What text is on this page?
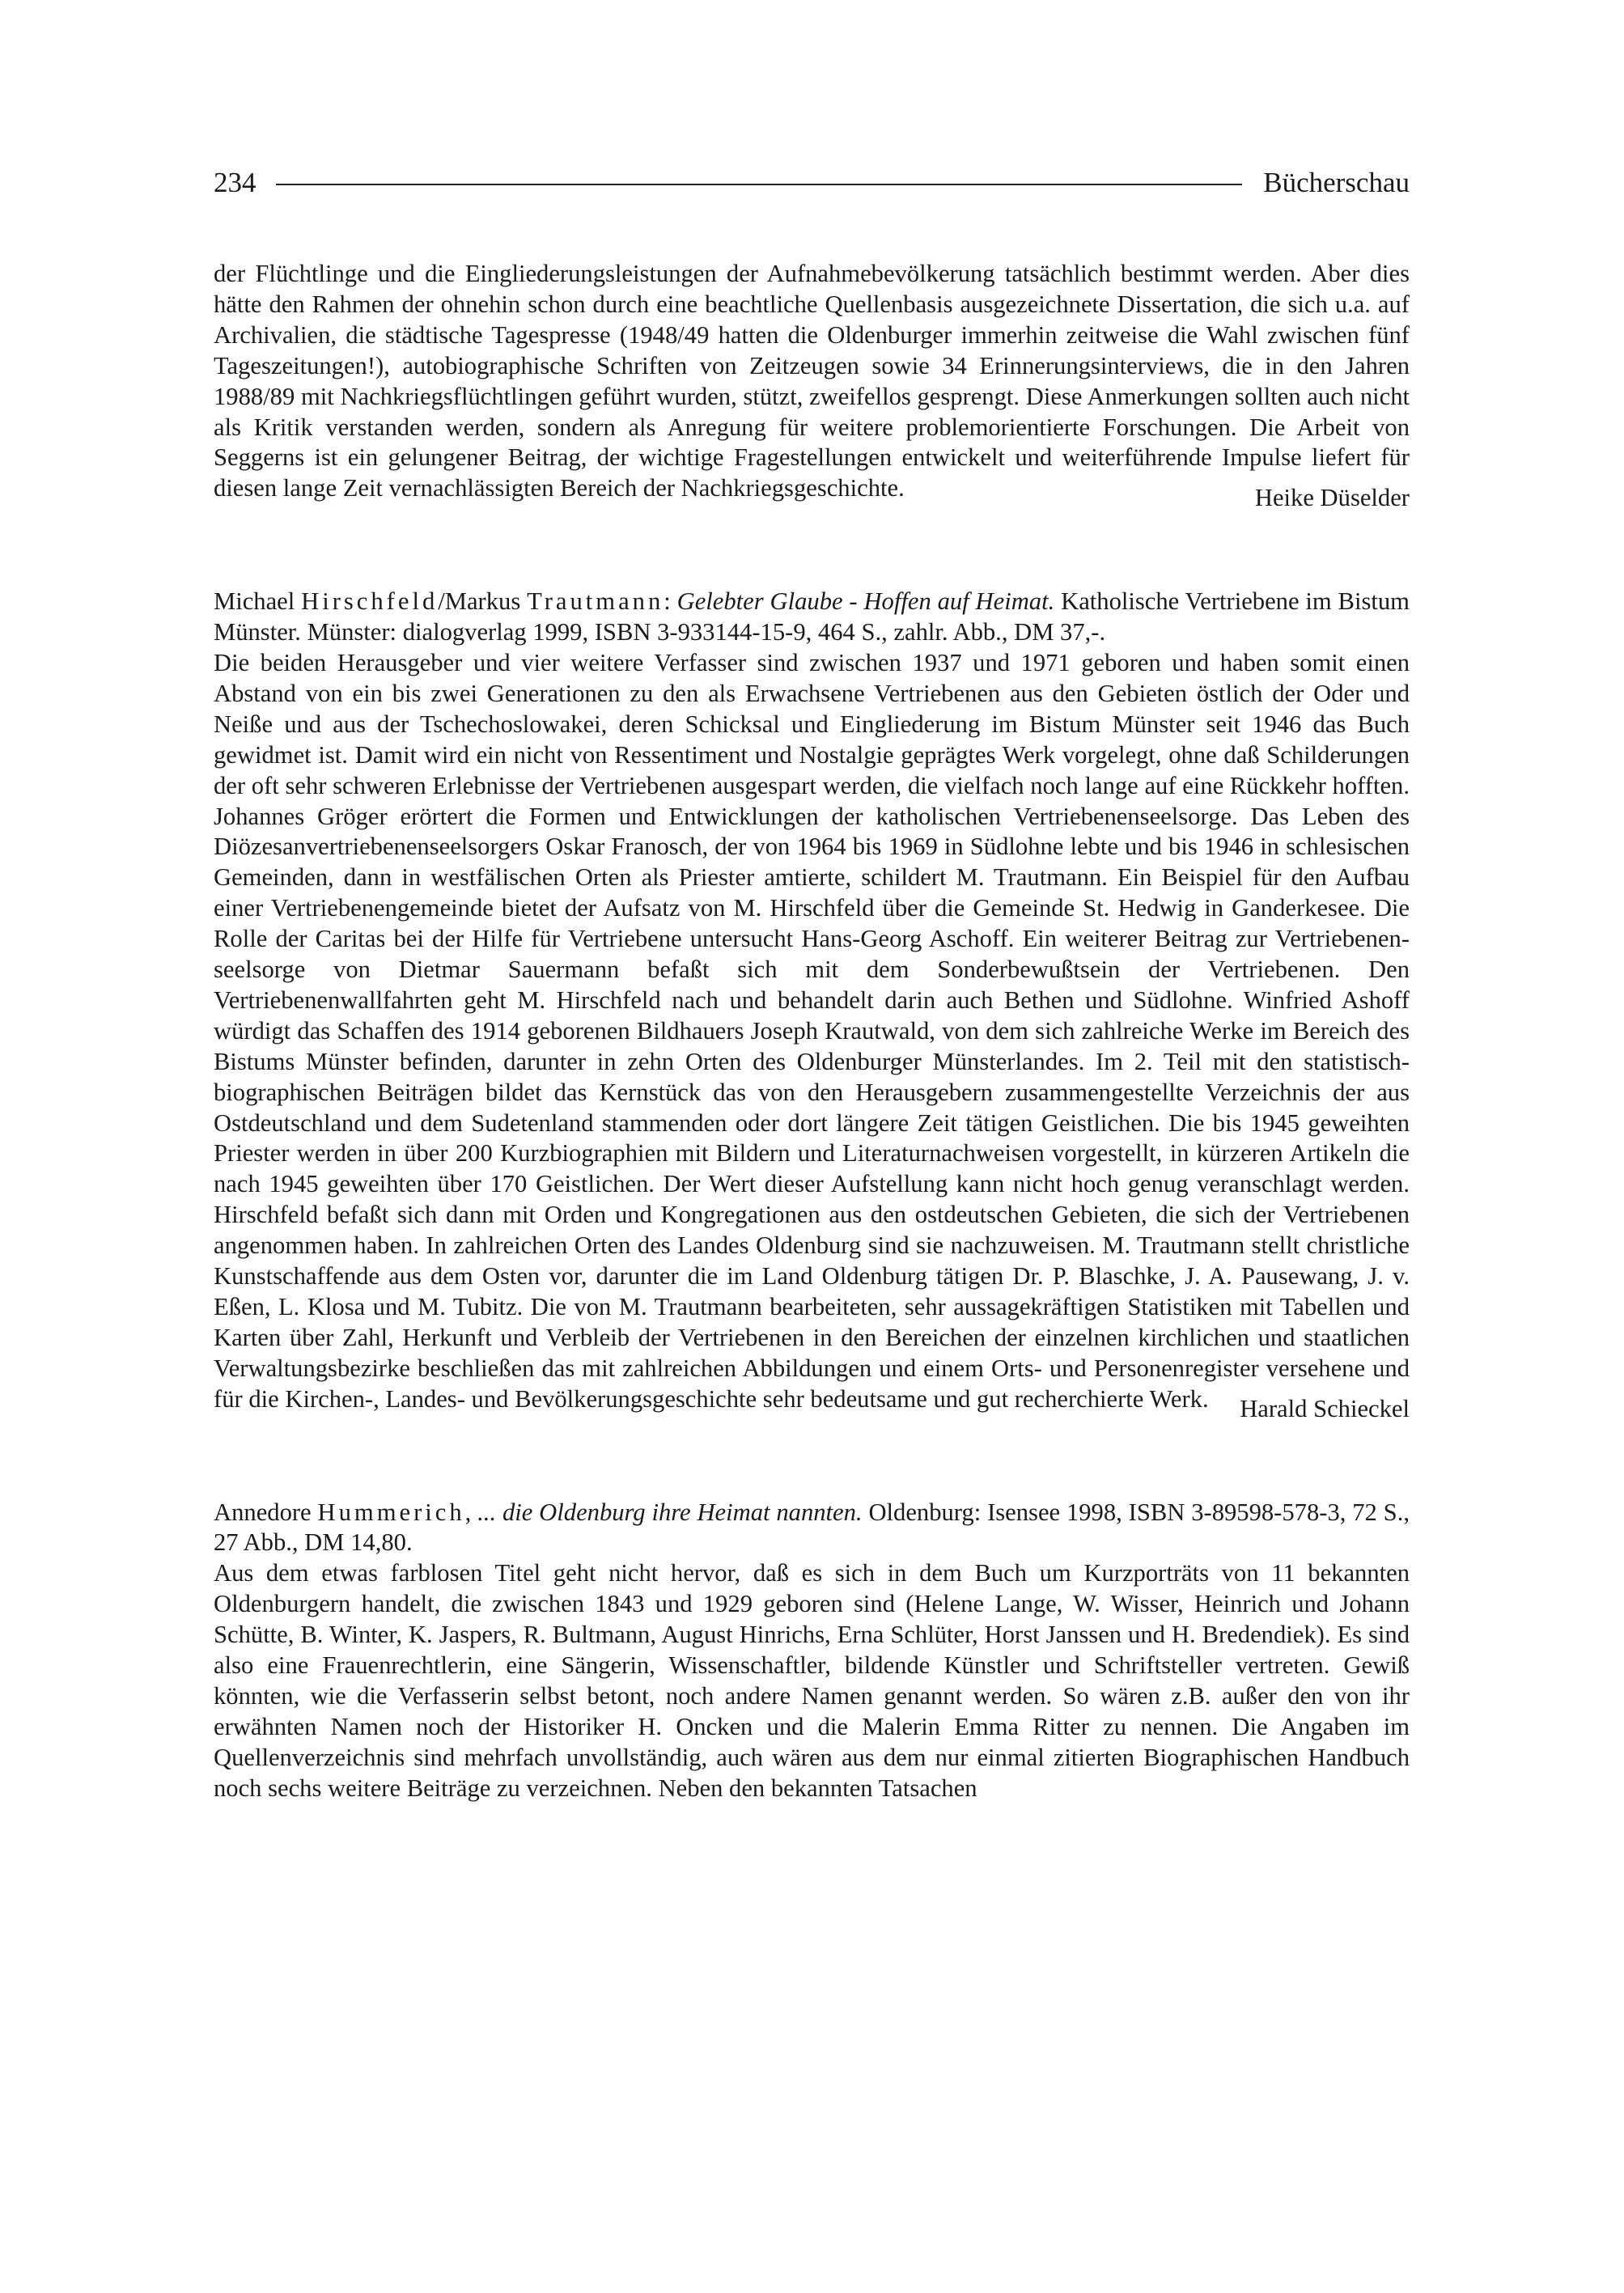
234	Bücherschau

der Flüchtlinge und die Eingliederungsleistungen der Aufnahmebevölkerung tatsächlich bestimmt werden. Aber dies hätte den Rahmen der ohnehin schon durch eine beachtliche Quellenbasis ausgezeichnete Dissertation, die sich u.a. auf Archivalien, die städtische Tagespresse (1948/49 hatten die Oldenburger immerhin zeitweise die Wahl zwischen fünf Tageszeitungen!), autobiographische Schriften von Zeitzeugen sowie 34 Erinnerungsinterviews, die in den Jahren 1988/89 mit Nachkriegsflüchtlingen geführt wurden, stützt, zweifellos gesprengt. Diese Anmerkungen sollten auch nicht als Kritik verstanden werden, sondern als Anregung für weitere problemorientierte Forschungen. Die Arbeit von Seggerns ist ein gelungener Beitrag, der wichtige Fragestellungen entwickelt und weiterführende Impulse liefert für diesen lange Zeit vernachlässigten Bereich der Nachkriegsgeschichte.	Heike Düselder

Michael Hirschfeld/Markus Trautmann: Gelebter Glaube - Hoffen auf Heimat. Katholische Vertriebene im Bistum Münster. Münster: dialogverlag 1999, ISBN 3-933144-15-9, 464 S., zahlr. Abb., DM 37,-.

Die beiden Herausgeber und vier weitere Verfasser sind zwischen 1937 und 1971 geboren und haben somit einen Abstand von ein bis zwei Generationen zu den als Erwachsene Vertriebenen aus den Gebieten östlich der Oder und Neiße und aus der Tschechoslowakei, deren Schicksal und Eingliederung im Bistum Münster seit 1946 das Buch gewidmet ist. Damit wird ein nicht von Ressentiment und Nostalgie geprägtes Werk vorgelegt, ohne daß Schilderungen der oft sehr schweren Erlebnisse der Vertriebenen ausgespart werden, die vielfach noch lange auf eine Rückkehr hofften. Johannes Gröger erörtert die Formen und Entwicklungen der katholischen Vertriebenenseelsorge. Das Leben des Diözesanvertriebenenseelsorgers Oskar Franosch, der von 1964 bis 1969 in Südlohne lebte und bis 1946 in schlesischen Gemeinden, dann in westfälischen Orten als Priester amtierte, schildert M. Trautmann. Ein Beispiel für den Aufbau einer Vertriebenengemeinde bietet der Aufsatz von M. Hirschfeld über die Gemeinde St. Hedwig in Ganderkesee. Die Rolle der Caritas bei der Hilfe für Vertriebene untersucht Hans-Georg Aschoff. Ein weiterer Beitrag zur Vertriebenenseelsorge von Dietmar Sauermann befaßt sich mit dem Sonderbewußtsein der Vertriebenen. Den Vertriebenenwallfahrten geht M. Hirschfeld nach und behandelt darin auch Bethen und Südlohne. Winfried Ashoff würdigt das Schaffen des 1914 geborenen Bildhauers Joseph Krautwald, von dem sich zahlreiche Werke im Bereich des Bistums Münster befinden, darunter in zehn Orten des Oldenburger Münsterlandes. Im 2. Teil mit den statistisch-biographischen Beiträgen bildet das Kernstück das von den Herausgebern zusammengestellte Verzeichnis der aus Ostdeutschland und dem Sudetenland stammenden oder dort längere Zeit tätigen Geistlichen. Die bis 1945 geweihten Priester werden in über 200 Kurzbiographien mit Bildern und Literaturnachweisen vorgestellt, in kürzeren Artikeln die nach 1945 geweihten über 170 Geistlichen. Der Wert dieser Aufstellung kann nicht hoch genug veranschlagt werden. Hirschfeld befaßt sich dann mit Orden und Kongregationen aus den ostdeutschen Gebieten, die sich der Vertriebenen angenommen haben. In zahlreichen Orten des Landes Oldenburg sind sie nachzuweisen. M. Trautmann stellt christliche Kunstschaffende aus dem Osten vor, darunter die im Land Oldenburg tätigen Dr. P. Blaschke, J. A. Pausewang, J. v. Eßen, L. Klosa und M. Tubitz. Die von M. Trautmann bearbeiteten, sehr aussagekräftigen Statistiken mit Tabellen und Karten über Zahl, Herkunft und Verbleib der Vertriebenen in den Bereichen der einzelnen kirchlichen und staatlichen Verwaltungsbezirke beschließen das mit zahlreichen Abbildungen und einem Orts- und Personenregister versehene und für die Kirchen-, Landes- und Bevölkerungsgeschichte sehr bedeutsame und gut recherchierte Werk.	Harald Schieckel

Annedore Hummerich, ... die Oldenburg ihre Heimat nannten. Oldenburg: Isensee 1998, ISBN 3-89598-578-3, 72 S., 27 Abb., DM 14,80.

Aus dem etwas farblosen Titel geht nicht hervor, daß es sich in dem Buch um Kurzporträts von 11 bekannten Oldenburgern handelt, die zwischen 1843 und 1929 geboren sind (Helene Lange, W. Wisser, Heinrich und Johann Schütte, B. Winter, K. Jaspers, R. Bultmann, August Hinrichs, Erna Schlüter, Horst Janssen und H. Bredendiek). Es sind also eine Frauenrechtlerin, eine Sängerin, Wissenschaftler, bildende Künstler und Schriftsteller vertreten. Gewiß könnten, wie die Verfasserin selbst betont, noch andere Namen genannt werden. So wären z.B. außer den von ihr erwähnten Namen noch der Historiker H. Oncken und die Malerin Emma Ritter zu nennen. Die Angaben im Quellenverzeichnis sind mehrfach unvollständig, auch wären aus dem nur einmal zitierten Biographischen Handbuch noch sechs weitere Beiträge zu verzeichnen. Neben den bekannten Tatsachen
